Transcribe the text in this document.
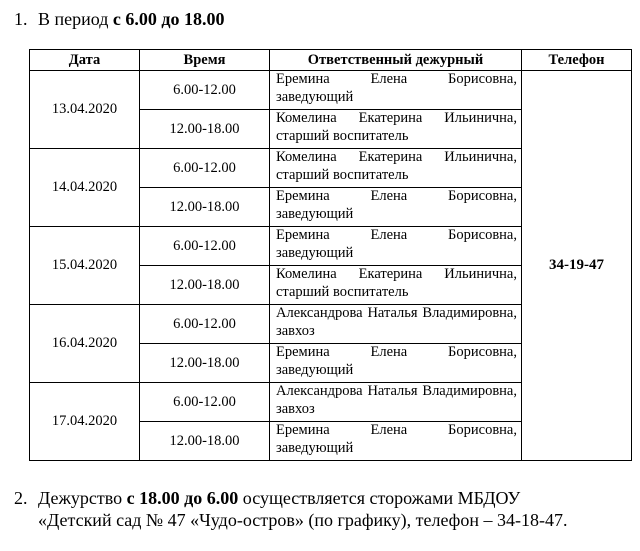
1. В период с 6.00 до 18.00
Дата	Время	Ответственный дежурный	Телефон
13.04.2020	6.00-12.00	Еремина Елена Борисовна, заведующий	34-19-47
	12.00-18.00	Комелина Екатерина Ильинична, старший воспитатель	
14.04.2020	6.00-12.00	Комелина Екатерина Ильинична, старший воспитатель	
	12.00-18.00	Еремина Елена Борисовна, заведующий	
15.04.2020	6.00-12.00	Еремина Елена Борисовна, заведующий	
	12.00-18.00	Комелина Екатерина Ильинична, старший воспитатель	
16.04.2020	6.00-12.00	Александрова Наталья Владимировна, завхоз	
	12.00-18.00	Еремина Елена Борисовна, заведующий	
17.04.2020	6.00-12.00	Александрова Наталья Владимировна, завхоз	
	12.00-18.00	Еремина Елена Борисовна, заведующий	
2. Дежурство с 18.00 до 6.00 осуществляется сторожами МБДОУ
«Детский сад № 47 «Чудо-остров» (по графику), телефон – 34-18-47.
